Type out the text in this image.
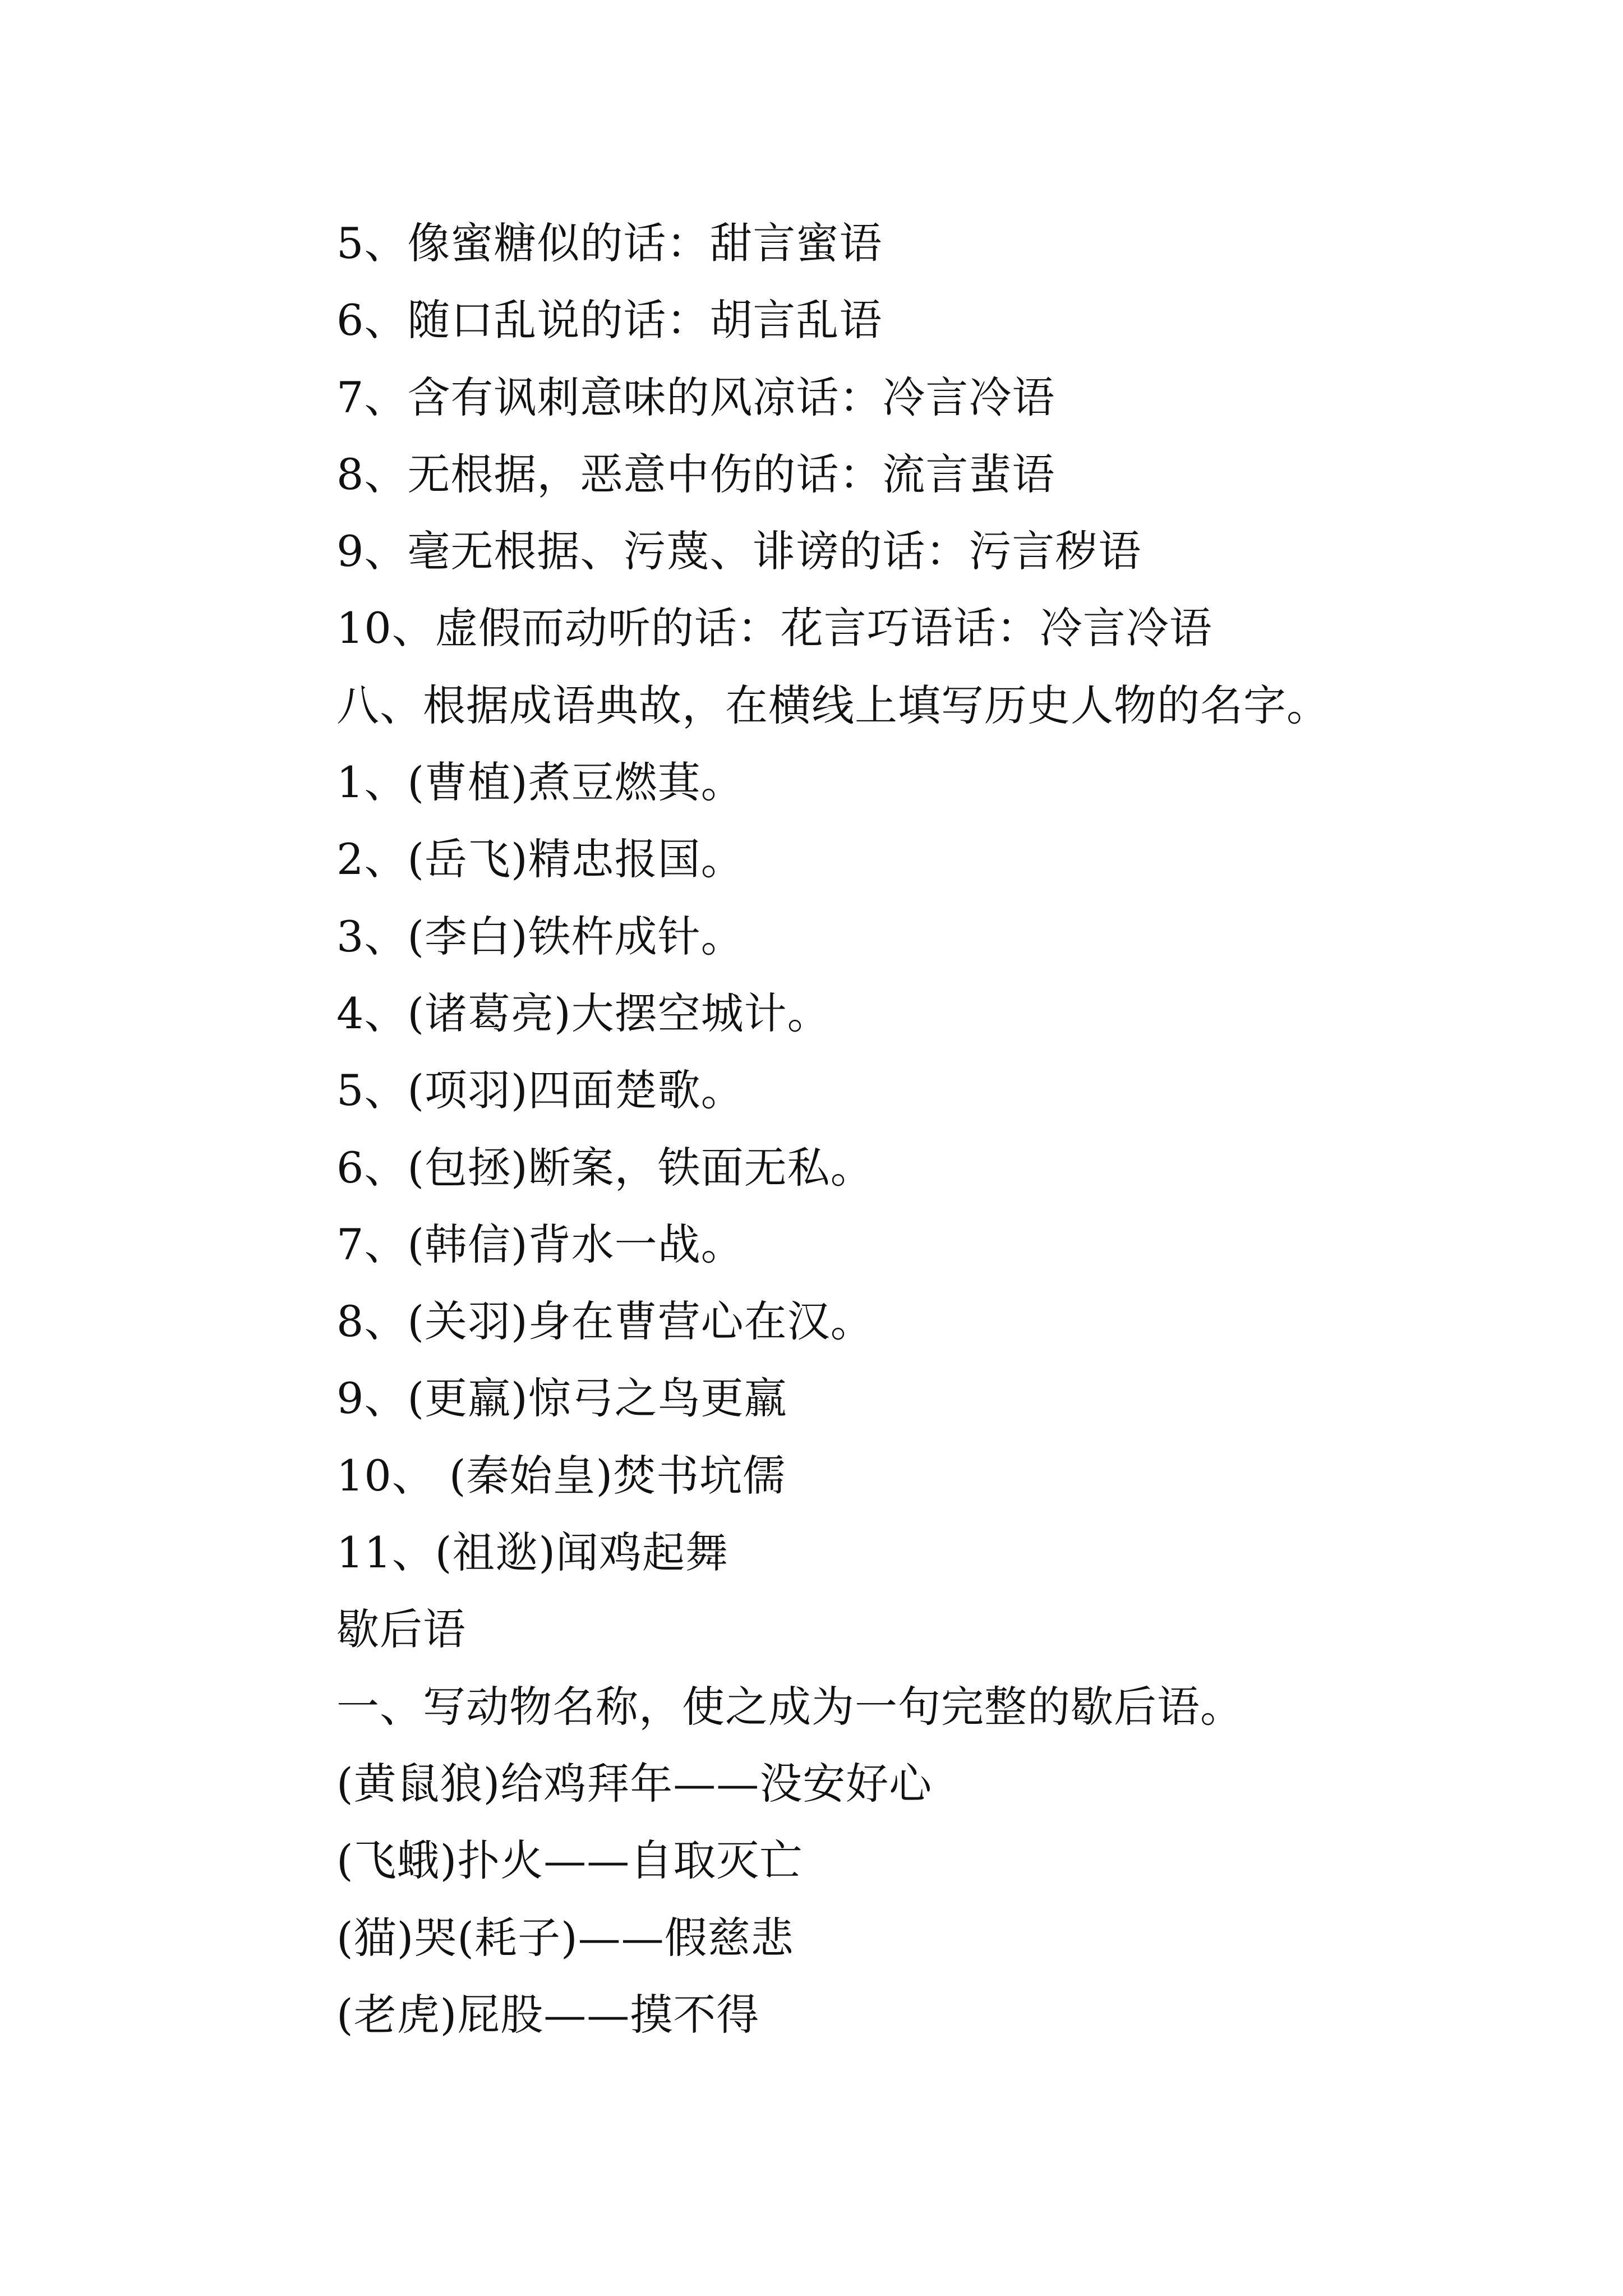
5、像蜜糖似的话：甜言蜜语
6、随口乱说的话：胡言乱语
7、含有讽刺意味的风凉话：冷言冷语
8、无根据，恶意中伤的话：流言蜚语
9、毫无根据、污蔑、诽谤的话：污言秽语
10、虚假而动听的话：花言巧语话：冷言冷语
八、根据成语典故，在横线上填写历史人物的名字。
1、(曹植)煮豆燃萁。
2、(岳飞)精忠报国。
3、(李白)铁杵成针。
4、(诸葛亮)大摆空城计。
5、(项羽)四面楚歌。
6、(包拯)断案，铁面无私。
7、(韩信)背水一战。
8、(关羽)身在曹营心在汉。
9、(更羸)惊弓之鸟更羸
10、 (秦始皇)焚书坑儒
11、(祖逖)闻鸡起舞
歇后语
一、写动物名称，使之成为一句完整的歇后语。
(黄鼠狼)给鸡拜年——没安好心
(飞蛾)扑火——自取灭亡
(猫)哭(耗子)——假慈悲
(老虎)屁股——摸不得
